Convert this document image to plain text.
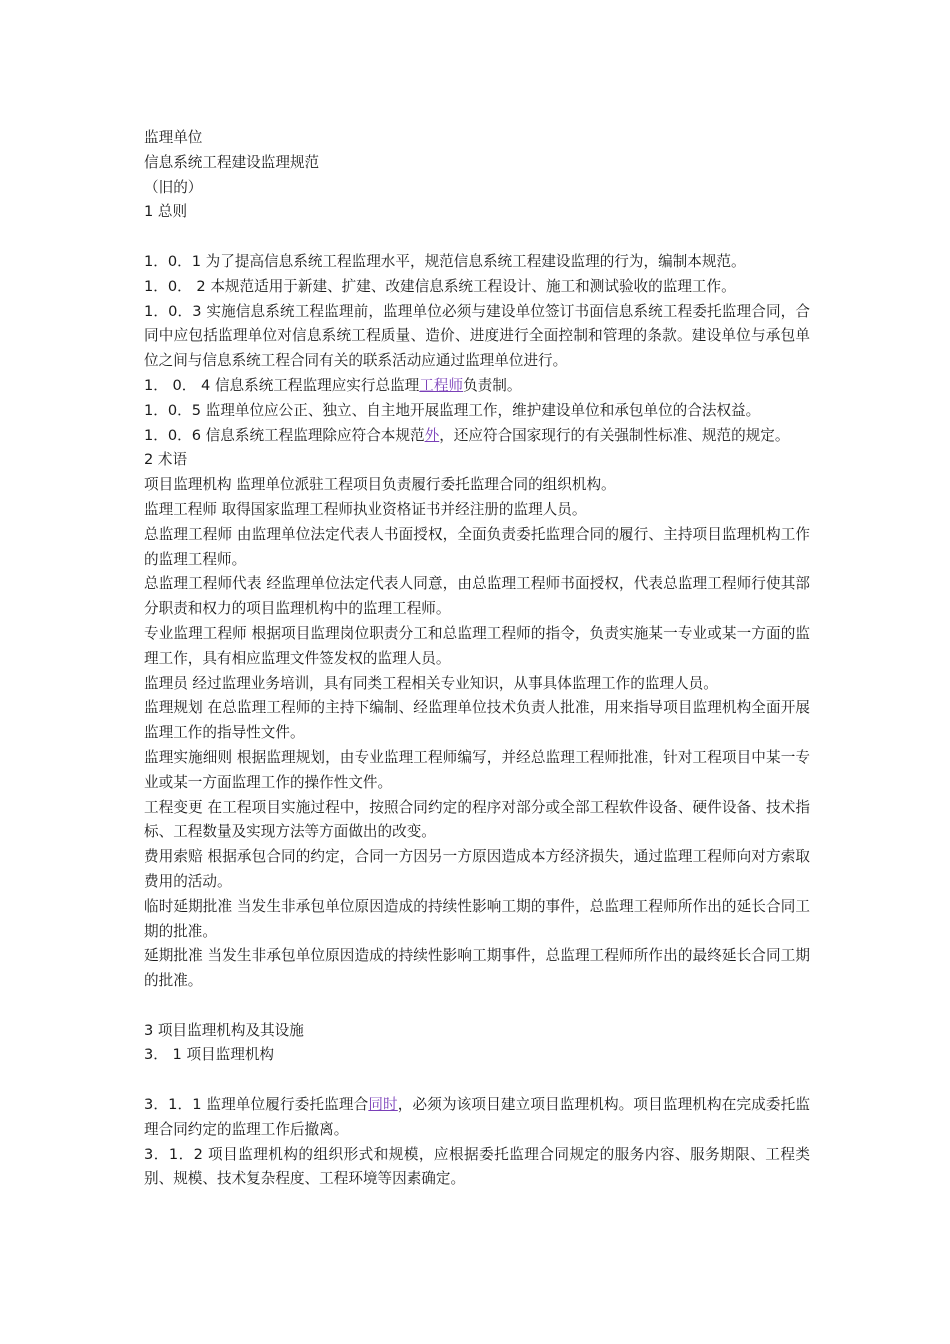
监理单位

信息系统工程建设监理规范

（旧的）

1 总则

1．0．1 为了提高信息系统工程监理水平，规范信息系统工程建设监理的行为，编制本规范。

1．0． 2 本规范适用于新建、扩建、改建信息系统工程设计、施工和测试验收的监理工作。

1．0．3 实施信息系统工程监理前，监理单位必须与建设单位签订书面信息系统工程委托监理合同，合同中应包括监理单位对信息系统工程质量、造价、进度进行全面控制和管理的条款。建设单位与承包单位之间与信息系统工程合同有关的联系活动应通过监理单位进行。

1． 0． 4 信息系统工程监理应实行总监理工程师负责制。

1．0．5 监理单位应公正、独立、自主地开展监理工作，维护建设单位和承包单位的合法权益。

1．0．6 信息系统工程监理除应符合本规范外，还应符合国家现行的有关强制性标准、规范的规定。

2 术语

项目监理机构 监理单位派驻工程项目负责履行委托监理合同的组织机构。

监理工程师 取得国家监理工程师执业资格证书并经注册的监理人员。

总监理工程师 由监理单位法定代表人书面授权，全面负责委托监理合同的履行、主持项目监理机构工作的监理工程师。

总监理工程师代表 经监理单位法定代表人同意，由总监理工程师书面授权，代表总监理工程师行使其部分职责和权力的项目监理机构中的监理工程师。

专业监理工程师 根据项目监理岗位职责分工和总监理工程师的指令，负责实施某一专业或某一方面的监理工作，具有相应监理文件签发权的监理人员。

监理员 经过监理业务培训，具有同类工程相关专业知识，从事具体监理工作的监理人员。

监理规划 在总监理工程师的主持下编制、经监理单位技术负责人批准，用来指导项目监理机构全面开展监理工作的指导性文件。

监理实施细则 根据监理规划，由专业监理工程师编写，并经总监理工程师批准，针对工程项目中某一专业或某一方面监理工作的操作性文件。

工程变更 在工程项目实施过程中，按照合同约定的程序对部分或全部工程软件设备、硬件设备、技术指标、工程数量及实现方法等方面做出的改变。

费用索赔 根据承包合同的约定，合同一方因另一方原因造成本方经济损失，通过监理工程师向对方索取费用的活动。

临时延期批准 当发生非承包单位原因造成的持续性影响工期的事件，总监理工程师所作出的延长合同工期的批准。

延期批准 当发生非承包单位原因造成的持续性影响工期事件，总监理工程师所作出的最终延长合同工期的批准。

3 项目监理机构及其设施

3． 1 项目监理机构

3．1．1 监理单位履行委托监理合同时，必须为该项目建立项目监理机构。项目监理机构在完成委托监理合同约定的监理工作后撤离。

3．1．2 项目监理机构的组织形式和规模，应根据委托监理合同规定的服务内容、服务期限、工程类别、规模、技术复杂程度、工程环境等因素确定。
